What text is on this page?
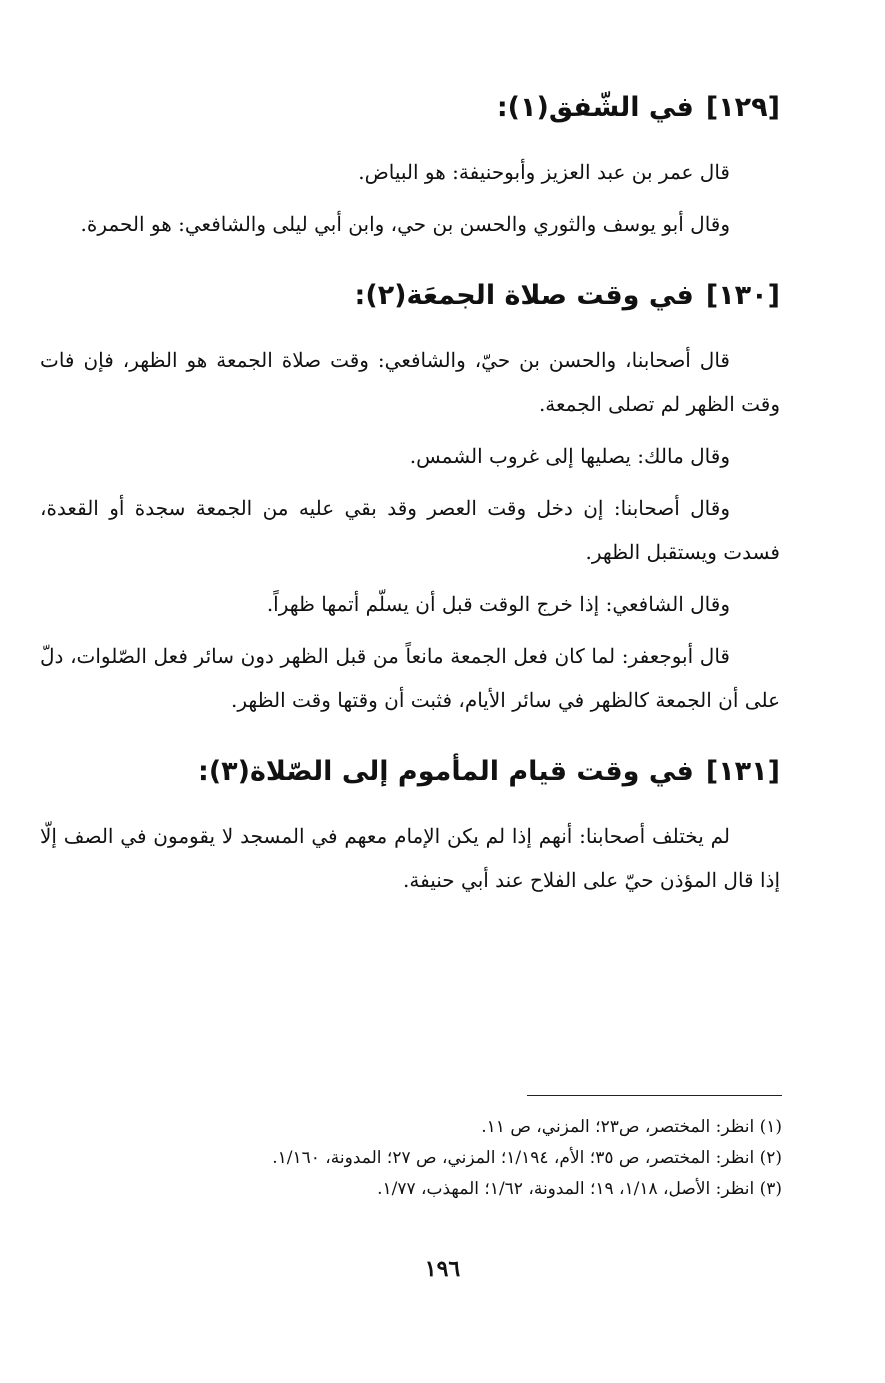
[١٢٩]في الشّفق(١):

قال عمر بن عبد العزيز وأبوحنيفة: هو البياض.

وقال أبو يوسف والثوري والحسن بن حي، وابن أبي ليلى والشافعي: هو الحمرة.

[١٣٠]في وقت صلاة الجمعَة(٢):

قال أصحابنا، والحسن بن حيّ، والشافعي: وقت صلاة الجمعة هو الظهر، فإن فات وقت الظهر لم تصلى الجمعة.

وقال مالك: يصليها إلى غروب الشمس.

وقال أصحابنا: إن دخل وقت العصر وقد بقي عليه من الجمعة سجدة أو القعدة، فسدت ويستقبل الظهر.

وقال الشافعي: إذا خرج الوقت قبل أن يسلّم أتمها ظهراً.

قال أبوجعفر: لما كان فعل الجمعة مانعاً من قبل الظهر دون سائر فعل الصّلوات، دلّ على أن الجمعة كالظهر في سائر الأيام، فثبت أن وقتها وقت الظهر.

[١٣١]في وقت قيام المأموم إلى الصّلاة(٣):

لم يختلف أصحابنا: أنهم إذا لم يكن الإمام معهم في المسجد لا يقومون في الصف إلّا إذا قال المؤذن حيّ على الفلاح عند أبي حنيفة.

(١) انظر: المختصر، ص٢٣؛ المزني، ص ١١.

(٢) انظر: المختصر، ص ٣٥؛ الأم، ١/١٩٤؛ المزني، ص ٢٧؛ المدونة، ١/١٦٠.

(٣) انظر: الأصل، ١/١٨، ١٩؛ المدونة، ١/٦٢؛ المهذب، ١/٧٧.

١٩٦
